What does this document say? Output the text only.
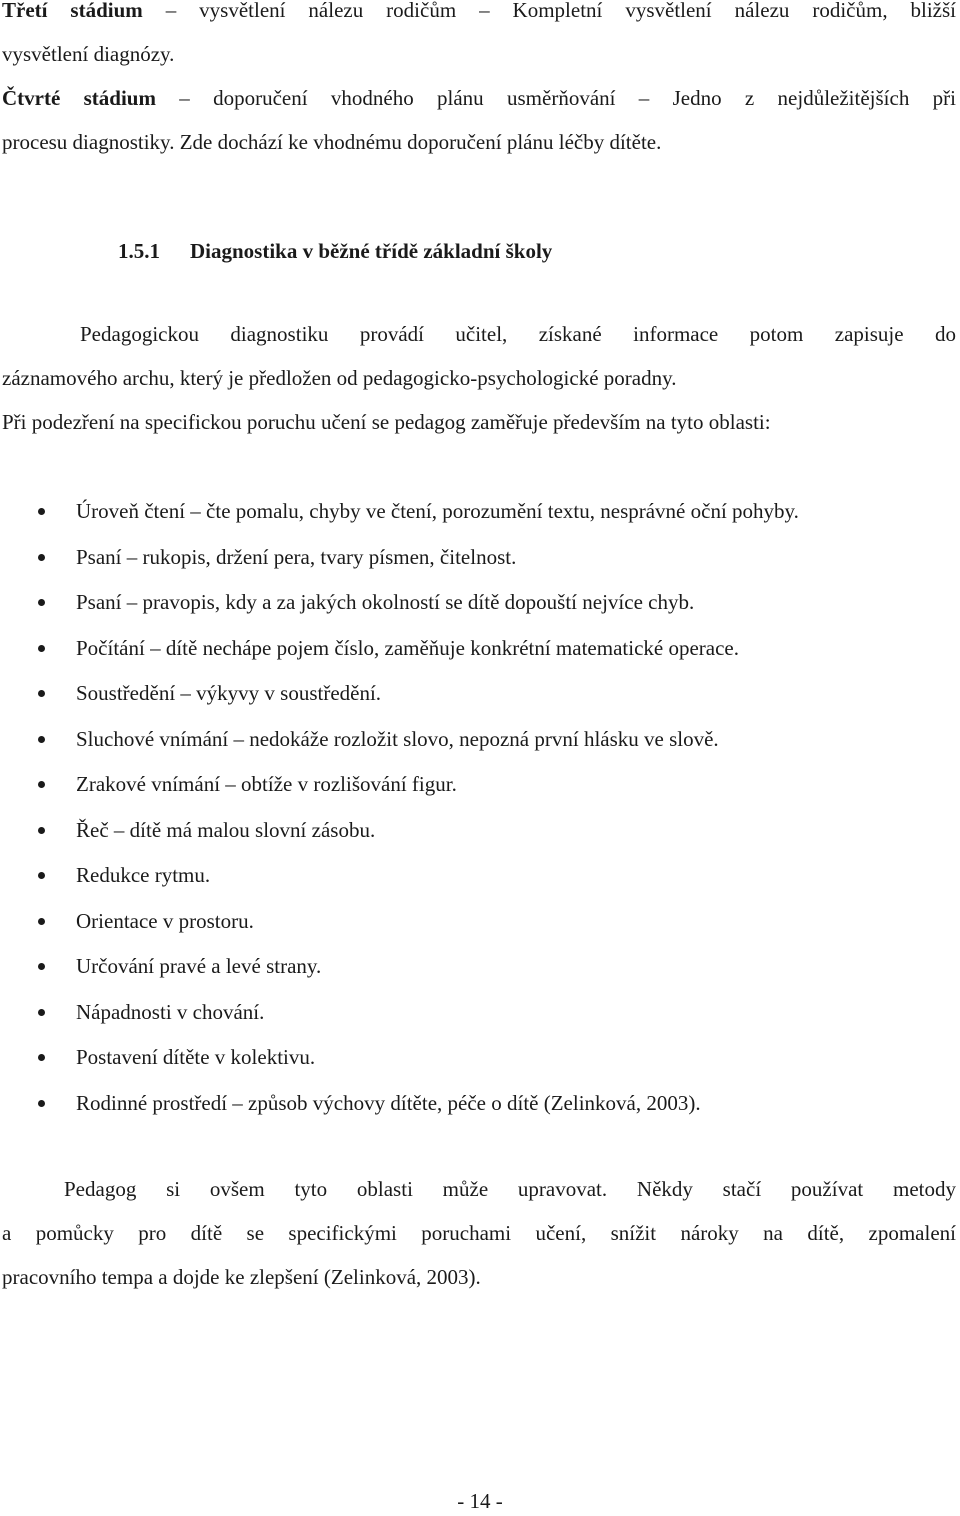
Třetí stádium – vysvětlení nálezu rodičům – Kompletní vysvětlení nálezu rodičům, bližší
vysvětlení diagnózy.
Čtvrté stádium – doporučení vhodného plánu usměrňování – Jedno z nejdůležitějších při
procesu diagnostiky. Zde dochází ke vhodnému doporučení plánu léčby dítěte.
1.5.1 Diagnostika v běžné třídě základní školy
Pedagogickou diagnostiku provádí učitel, získané informace potom zapisuje do
záznamového archu, který je předložen od pedagogicko-psychologické poradny.
Při podezření na specifickou poruchu učení se pedagog zaměřuje především na tyto oblasti:
Úroveň čtení – čte pomalu, chyby ve čtení, porozumění textu, nesprávné oční pohyby.
Psaní – rukopis, držení pera, tvary písmen, čitelnost.
Psaní – pravopis, kdy a za jakých okolností se dítě dopouští nejvíce chyb.
Počítání – dítě nechápe pojem číslo, zaměňuje konkrétní matematické operace.
Soustředění – výkyvy v soustředění.
Sluchové vnímání – nedokáže rozložit slovo, nepozná první hlásku ve slově.
Zrakové vnímání – obtíže v rozlišování figur.
Řeč – dítě má malou slovní zásobu.
Redukce rytmu.
Orientace v prostoru.
Určování pravé a levé strany.
Nápadnosti v chování.
Postavení dítěte v kolektivu.
Rodinné prostředí – způsob výchovy dítěte, péče o dítě (Zelinková, 2003).
Pedagog si ovšem tyto oblasti může upravovat. Někdy stačí používat metody
a pomůcky pro dítě se specifickými poruchami učení, snížit nároky na dítě, zpomalení
pracovního tempa a dojde ke zlepšení (Zelinková, 2003).
- 14 -
